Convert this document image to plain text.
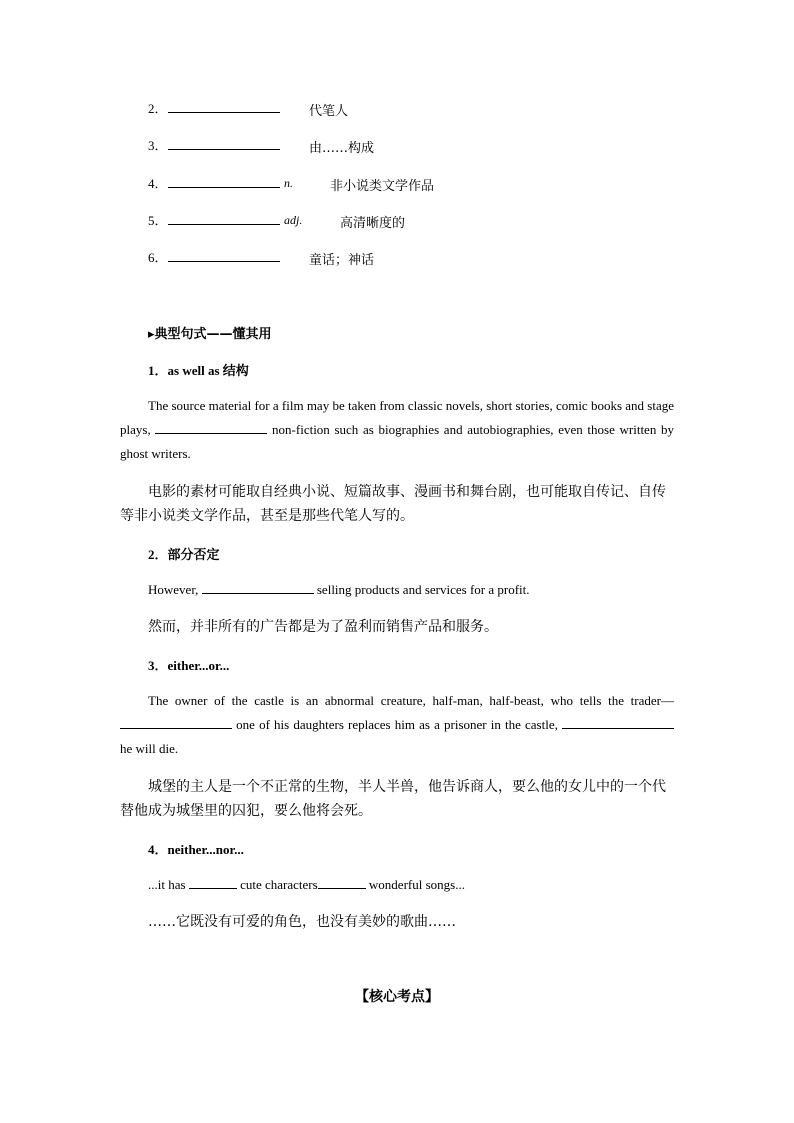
2．	代笔人
3．	由……构成
4．	n.	非小说类文学作品
5．	adj.	高清晰度的
6．	童话；神话
▸典型句式——懂其用
1．as well as 结构
The source material for a film may be taken from classic novels, short stories, comic books and stage plays,	non-fiction such as biographies and autobiographies, even those written by ghost writers.
电影的素材可能取自经典小说、短篇故事、漫画书和舞台剧，也可能取自传记、自传等非小说类文学作品，甚至是那些代笔人写的。
2．部分否定
However,	selling products and services for a profit.
然而，并非所有的广告都是为了盈利而销售产品和服务。
3．either...or...
The owner of the castle is an abnormal creature, half-man, half-beast, who tells the trader— one of his daughters replaces him as a prisoner in the castle,  he will die.
城堡的主人是一个不正常的生物，半人半兽，他告诉商人，要么他的女儿中的一个代替他成为城堡里的囚犯，要么他将会死。
4．neither...nor...
...it has	cute characters	wonderful songs...
……它既没有可爱的角色，也没有美妙的歌曲……
【核心考点】
